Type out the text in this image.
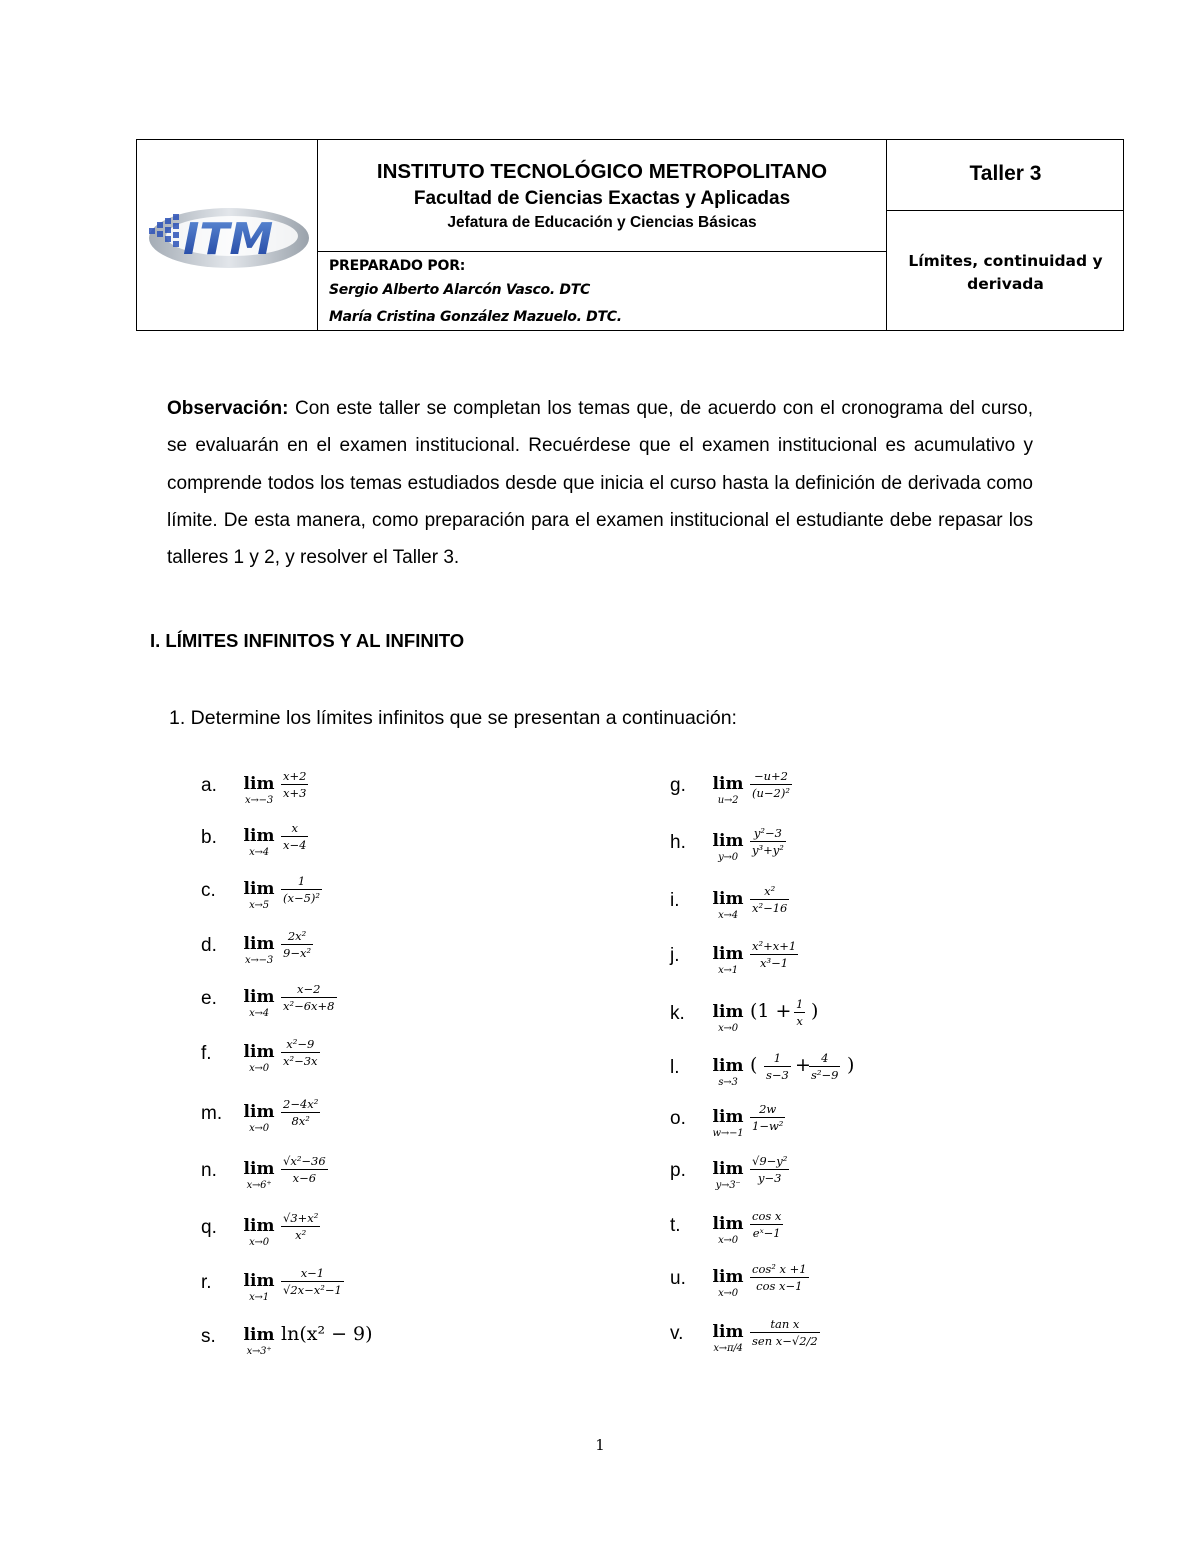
ITM
INSTITUTO TECNOLÓGICO METROPOLITANO
Facultad de Ciencias Exactas y Aplicadas
Jefatura de Educación y Ciencias Básicas
PREPARADO POR:
Sergio Alberto Alarcón Vasco. DTC
María Cristina González Mazuelo. DTC.
Taller 3
Límites, continuidad y derivada
Observación: Con este taller se completan los temas que, de acuerdo con el cronograma del curso, se evaluarán en el examen institucional. Recuérdese que el examen institucional es acumulativo y comprende todos los temas estudiados desde que inicia el curso hasta la definición de derivada como límite. De esta manera, como preparación para el examen institucional el estudiante debe repasar los talleres 1 y 2, y resolver el Taller 3.
I. LÍMITES INFINITOS Y AL INFINITO
1. Determine los límites infinitos que se presentan a continuación:
a. lim
x→−3
$\frac{x+2}{x+3}$
b. lim
x→4
$\frac{x}{x-4}$
c. lim
x→5
$\frac{1}{\text{(x−5)²}}$
d. lim
x→−3
$\frac{\text{2x²}}{\text{9−x²}}$
e. lim
x→4
$\frac{x-2}{\text{x²−6x+8}}$
f. lim
x→0
$\frac{\text{x²−9}}{\text{x²−3x}}$
m. lim
x→0
$\frac{\text{2−4x²}}{\text{8x²}}$
n. lim
x→6⁺
$\frac{\text{√x²−36}}{x-6}$
q. lim
x→0
$\frac{\text{√3+x²}}{\text{x²}}$
r. lim
x→1
$\frac{x-1}{\text{√2x−x²−1}}$
s. lim
x→3⁺
ln(x² − 9)
g. lim
u→2
$\frac{-u+2}{\text{(u−2)²}}$
h. lim
y→0
$\frac{\text{y²−3}}{\text{y³+y²}}$
i. lim
x→4
$\frac{\text{x²}}{\text{x²−16}}$
j. lim
x→1
$\frac{\text{x²+x+1}}{\text{x³−1}}$
k. lim
x→0
($1 + \frac{1}{x}$ )
l. lim
s→3
( $\frac{1}{s-3}$ +
$\frac{4}{\text{s²−9}}$ )
o. lim
w→−1
$\frac{2w}{\text{1−w²}}$
p. lim
y→3⁻
$\frac{\text{√9−y²}}{y-3}$
t. lim
x→0
$\frac{\text{cos x}}{\text{eˣ−1}}$
u. lim
x→0
$\frac{\text{cos² x +1}}{\text{cos x−1}}$
v. lim
x→π/4
tan x
sen x−√2/2
1
